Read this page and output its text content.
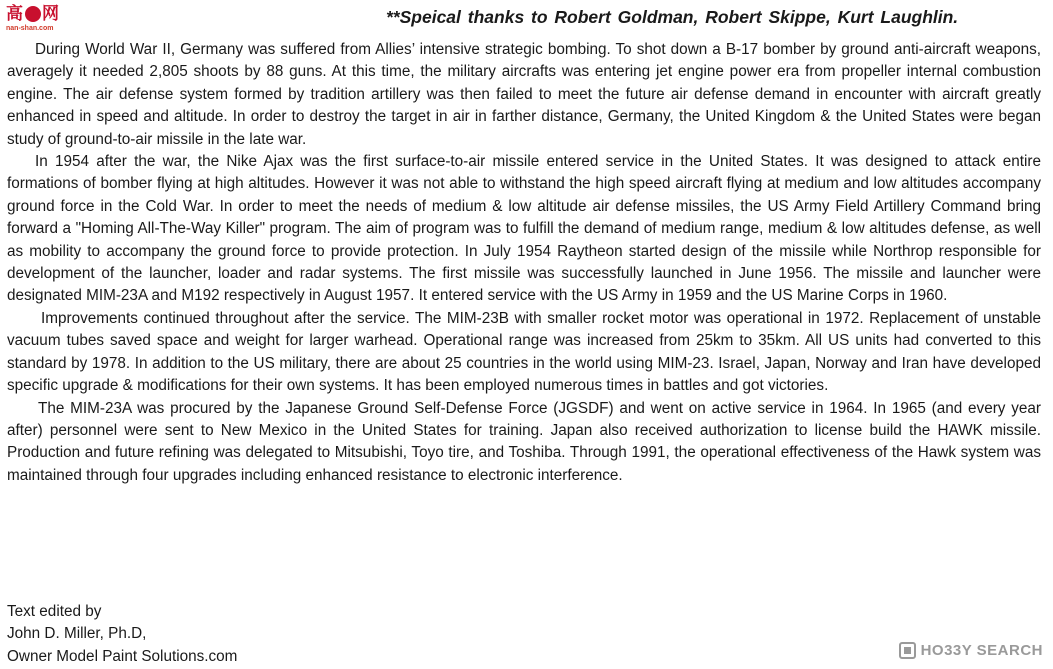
高 网
nan-shan.com
**Speical thanks to Robert Goldman, Robert Skippe, Kurt Laughlin.

During World War II, Germany was suffered from Allies’ intensive strategic bombing. To shot down a B-17 bomber by ground anti-aircraft weapons, averagely it needed 2,805 shoots by 88 guns. At this time, the military aircrafts was entering jet engine power era from propeller internal combustion engine. The air defense system formed by tradition artillery was then failed to meet the future air defense demand in encounter with aircraft greatly enhanced in speed and altitude. In order to destroy the target in air in farther distance, Germany, the United Kingdom & the United States were began study of ground-to-air missile in the late war.

In 1954 after the war, the Nike Ajax was the first surface-to-air missile entered service in the United States. It was designed to attack entire formations of bomber flying at high altitudes. However it was not able to withstand the high speed aircraft flying at medium and low altitudes accompany ground force in the Cold War. In order to meet the needs of medium & low altitude air defense missiles, the US Army Field Artillery Command bring forward a "Homing All-The-Way Killer" program. The aim of program was to fulfill the demand of medium range, medium & low altitudes defense, as well as mobility to accompany the ground force to provide protection. In July 1954 Raytheon started design of the missile while Northrop responsible for development of the launcher, loader and radar systems. The first missile was successfully launched in June 1956. The missile and launcher were designated MIM-23A and M192 respectively in August 1957. It entered service with the US Army in 1959 and the US Marine Corps in 1960.

Improvements continued throughout after the service. The MIM-23B with smaller rocket motor was operational in 1972. Replacement of unstable vacuum tubes saved space and weight for larger warhead. Operational range was increased from 25km to 35km. All US units had converted to this standard by 1978. In addition to the US military, there are about 25 countries in the world using MIM-23. Israel, Japan, Norway and Iran have developed specific upgrade & modifications for their own systems. It has been employed numerous times in battles and got victories.

The MIM-23A was procured by the Japanese Ground Self-Defense Force (JGSDF) and went on active service in 1964. In 1965 (and every year after) personnel were sent to New Mexico in the United States for training. Japan also received authorization to license build the HAWK missile. Production and future refining was delegated to Mitsubishi, Toyo tire, and Toshiba. Through 1991, the operational effectiveness of the Hawk system was maintained through four upgrades including enhanced resistance to electronic interference.

Text edited by
John D. Miller, Ph.D,
Owner Model Paint Solutions.com	HO33Y SEARCH
